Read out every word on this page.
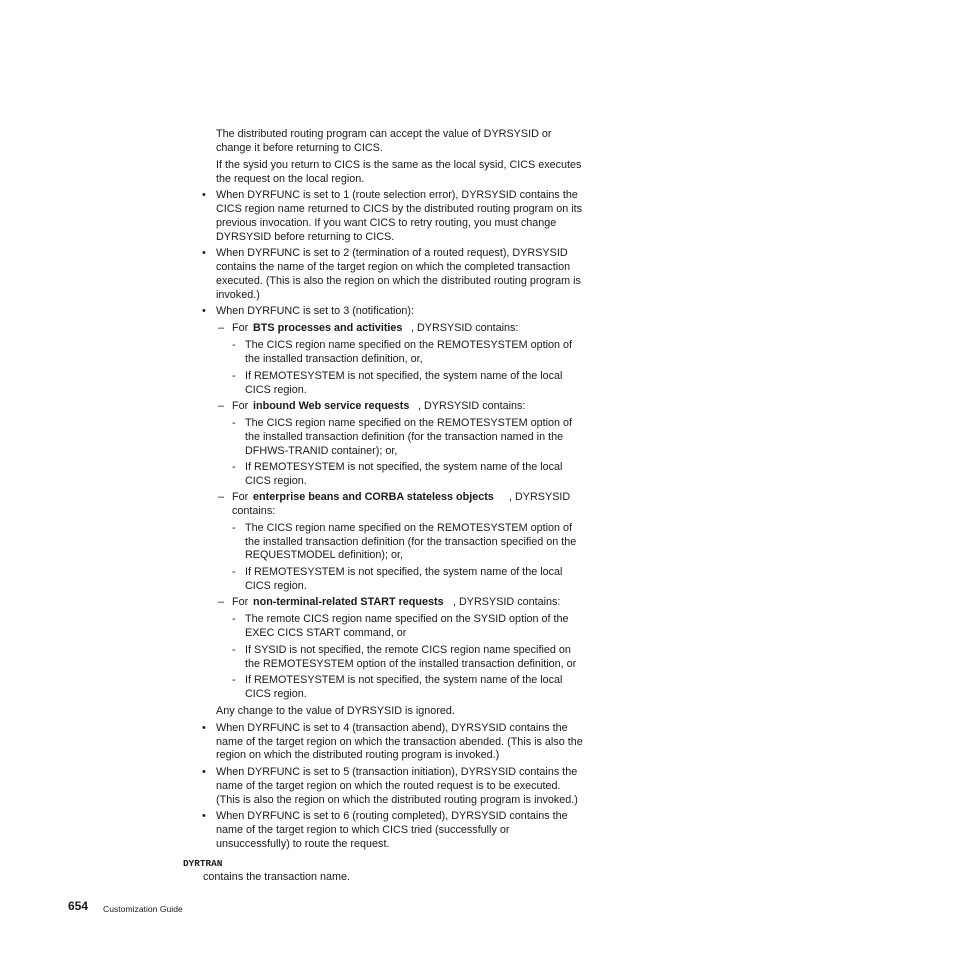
The distributed routing program can accept the value of DYRSYSID or
change it before returning to CICS.
If the sysid you return to CICS is the same as the local sysid, CICS executes
the request on the local region.
• When DYRFUNC is set to 1 (route selection error), DYRSYSID contains the
CICS region name returned to CICS by the distributed routing program on its
previous invocation. If you want CICS to retry routing, you must change
DYRSYSID before returning to CICS.
• When DYRFUNC is set to 2 (termination of a routed request), DYRSYSID
contains the name of the target region on which the completed transaction
executed. (This is also the region on which the distributed routing program is
invoked.)
• When DYRFUNC is set to 3 (notification):
– For BTS processes and activities , DYRSYSID contains:
- The CICS region name specified on the REMOTESYSTEM option of
the installed transaction definition, or,
- If REMOTESYSTEM is not specified, the system name of the local
CICS region.
– For inbound Web service requests , DYRSYSID contains:
- The CICS region name specified on the REMOTESYSTEM option of
the installed transaction definition (for the transaction named in the
DFHWS-TRANID container); or,
- If REMOTESYSTEM is not specified, the system name of the local
CICS region.
– For enterprise beans and CORBA stateless objects , DYRSYSID
contains:
- The CICS region name specified on the REMOTESYSTEM option of
the installed transaction definition (for the transaction specified on the
REQUESTMODEL definition); or,
- If REMOTESYSTEM is not specified, the system name of the local
CICS region.
– For non-terminal-related START requests , DYRSYSID contains:
- The remote CICS region name specified on the SYSID option of the
EXEC CICS START command, or
- If SYSID is not specified, the remote CICS region name specified on
the REMOTESYSTEM option of the installed transaction definition, or
- If REMOTESYSTEM is not specified, the system name of the local
CICS region.
Any change to the value of DYRSYSID is ignored.
• When DYRFUNC is set to 4 (transaction abend), DYRSYSID contains the
name of the target region on which the transaction abended. (This is also the
region on which the distributed routing program is invoked.)
• When DYRFUNC is set to 5 (transaction initiation), DYRSYSID contains the
name of the target region on which the routed request is to be executed.
(This is also the region on which the distributed routing program is invoked.)
• When DYRFUNC is set to 6 (routing completed), DYRSYSID contains the
name of the target region to which CICS tried (successfully or
unsuccessfully) to route the request.
DYRTRAN
contains the transaction name.
654 Customization Guide
